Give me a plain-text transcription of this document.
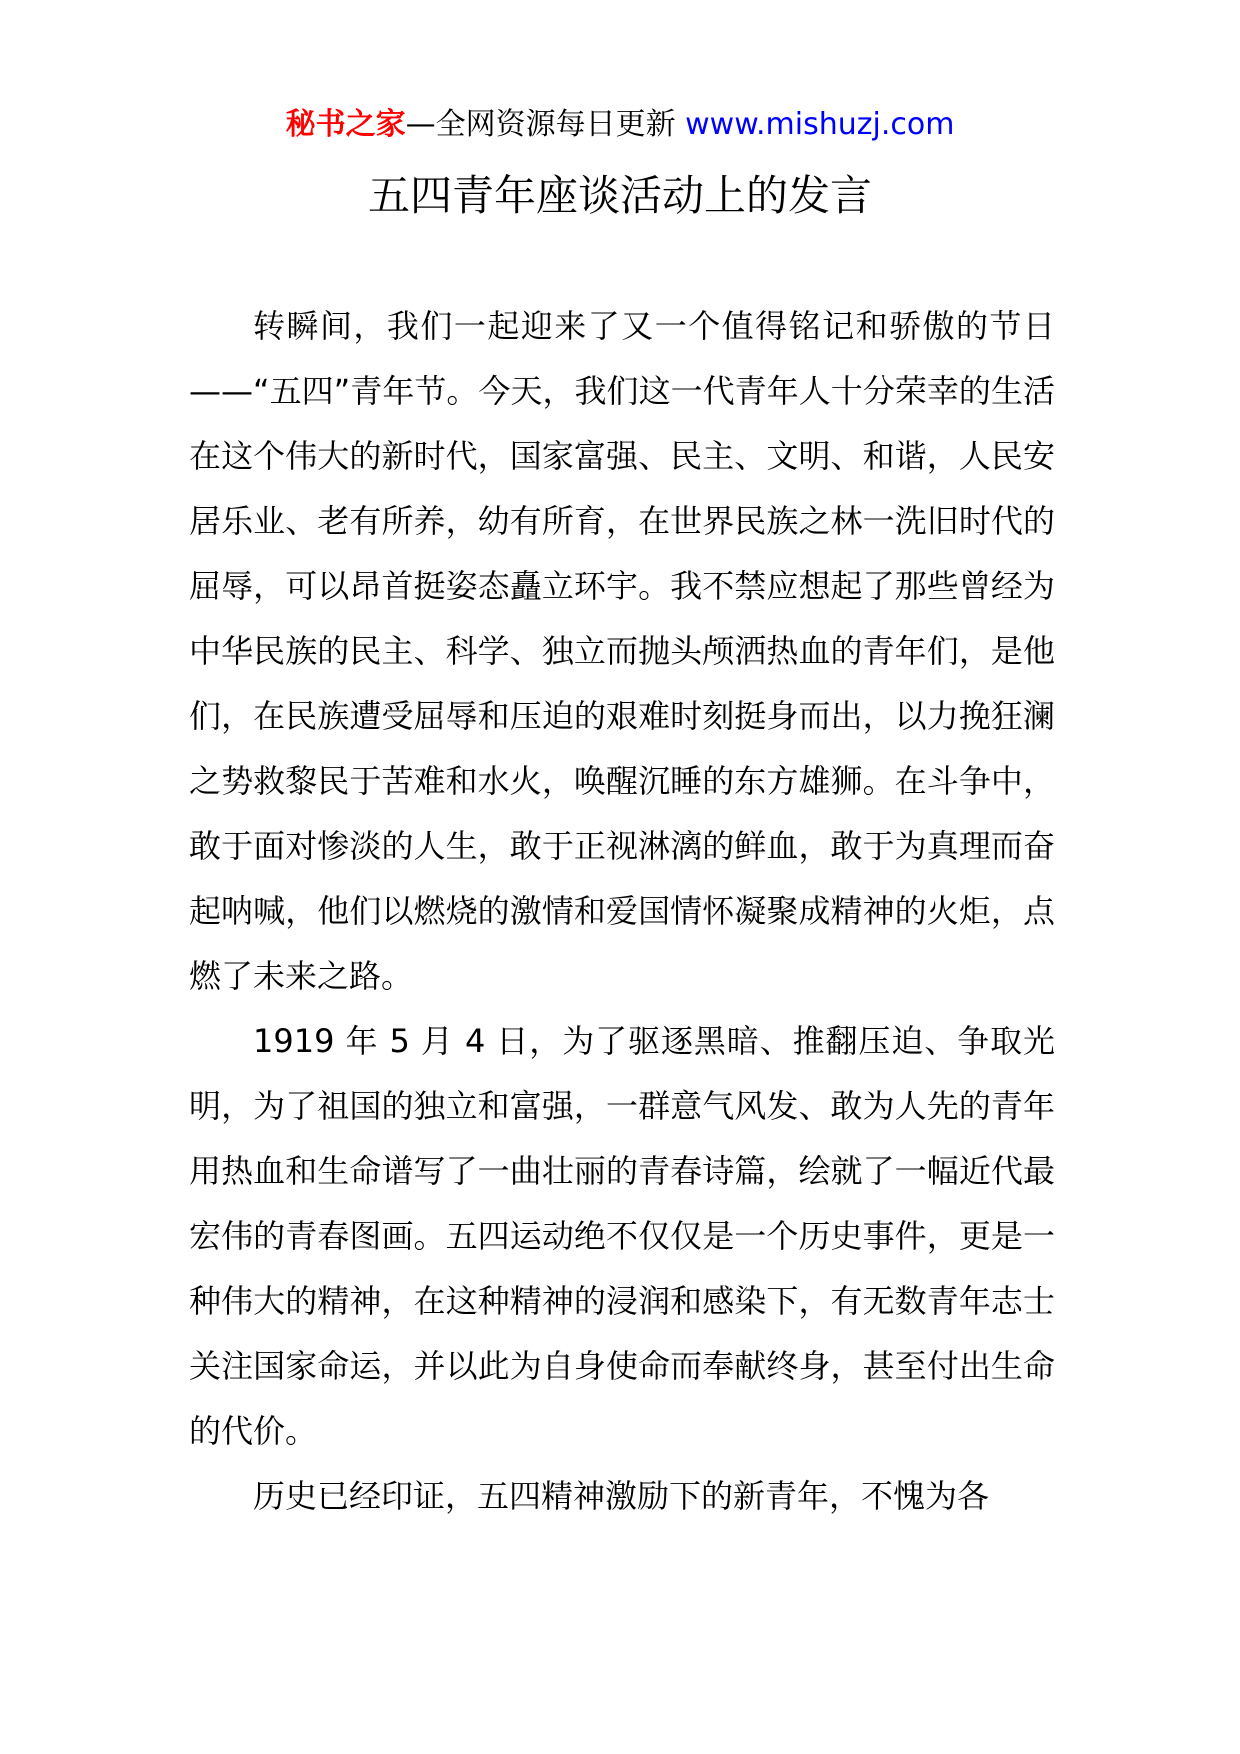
秘书之家—全网资源每日更新 www.mishuzj.com
五四青年座谈活动上的发言

转瞬间，我们一起迎来了又一个值得铭记和骄傲的节日——“五四”青年节。今天，我们这一代青年人十分荣幸的生活在这个伟大的新时代，国家富强、民主、文明、和谐，人民安居乐业、老有所养，幼有所育，在世界民族之林一洗旧时代的屈辱，可以昂首挺姿态矗立环宇。我不禁应想起了那些曾经为中华民族的民主、科学、独立而抛头颅洒热血的青年们，是他们，在民族遭受屈辱和压迫的艰难时刻挺身而出，以力挽狂澜之势救黎民于苦难和水火，唤醒沉睡的东方雄狮。在斗争中，敢于面对惨淡的人生，敢于正视淋漓的鲜血，敢于为真理而奋起呐喊，他们以燃烧的激情和爱国情怀凝聚成精神的火炬，点燃了未来之路。

1919 年 5 月 4 日，为了驱逐黑暗、推翻压迫、争取光明，为了祖国的独立和富强，一群意气风发、敢为人先的青年用热血和生命谱写了一曲壮丽的青春诗篇，绘就了一幅近代最宏伟的青春图画。五四运动绝不仅仅是一个历史事件，更是一种伟大的精神，在这种精神的浸润和感染下，有无数青年志士关注国家命运，并以此为自身使命而奉献终身，甚至付出生命的代价。

历史已经印证，五四精神激励下的新青年，不愧为各
